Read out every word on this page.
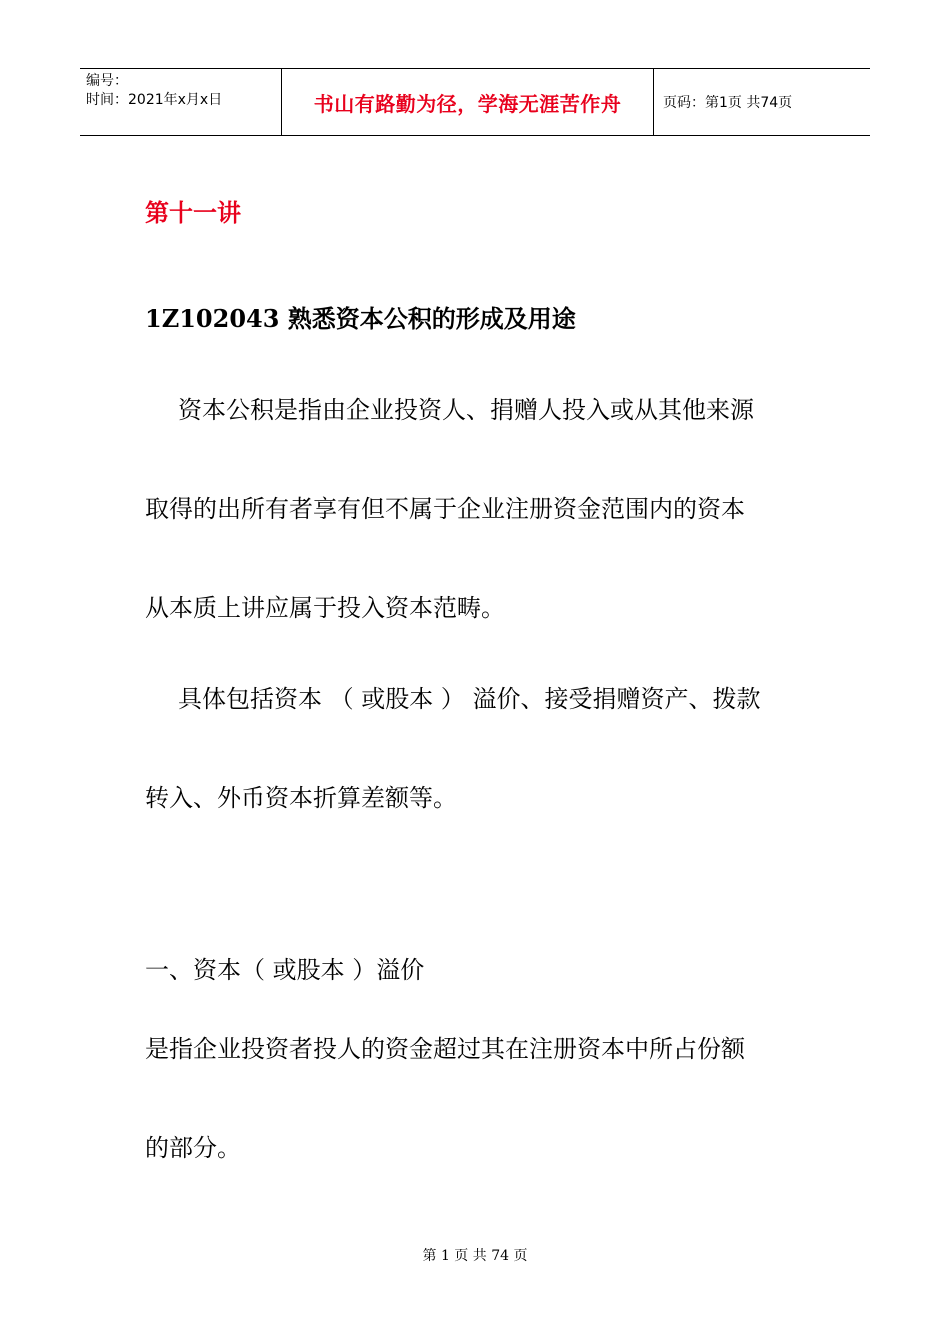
编号：
时间：2021年x月x日	书山有路勤为径，学海无涯苦作舟	页码：第1页 共74页
第十一讲
1Z102043 熟悉资本公积的形成及用途
资本公积是指由企业投资人、捐赠人投入或从其他来源
取得的出所有者享有但不属于企业注册资金范围内的资本
从本质上讲应属于投入资本范畴。
具体包括资本 （ 或股本 ） 溢价、接受捐赠资产、拨款
转入、外币资本折算差额等。
一、资本（ 或股本 ）溢价
是指企业投资者投人的资金超过其在注册资本中所占份额
的部分。
第 1 页 共 74 页
